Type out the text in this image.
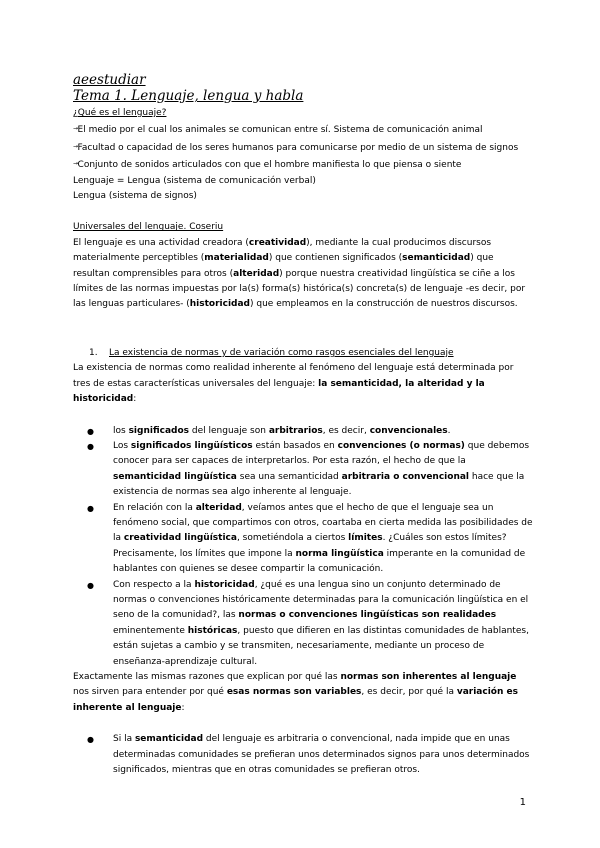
aeestudiar
Tema 1. Lenguaje, lengua y habla
¿Qué es el lenguaje?
→El medio por el cual los animales se comunican entre sí. Sistema de comunicación animal
→Facultad o capacidad de los seres humanos para comunicarse por medio de un sistema de signos
→Conjunto de sonidos articulados con que el hombre manifiesta lo que piensa o siente
Lenguaje = Lengua (sistema de comunicación verbal)
Lengua (sistema de signos)
Universales del lenguaje. Coseriu
El lenguaje es una actividad creadora (creatividad), mediante la cual producimos discursos materialmente perceptibles (materialidad) que contienen significados (semanticidad) que resultan comprensibles para otros (alteridad) porque nuestra creatividad lingüística se ciñe a los límites de las normas impuestas por la(s) forma(s) histórica(s) concreta(s) de lenguaje -es decir, por las lenguas particulares- (historicidad) que empleamos en la construcción de nuestros discursos.
1. La existencia de normas y de variación como rasgos esenciales del lenguaje
La existencia de normas como realidad inherente al fenómeno del lenguaje está determinada por tres de estas características universales del lenguaje: la semanticidad, la alteridad y la historicidad:
● los significados del lenguaje son arbitrarios, es decir, convencionales.
● Los significados lingüísticos están basados en convenciones (o normas) que debemos conocer para ser capaces de interpretarlos. Por esta razón, el hecho de que la semanticidad lingüística sea una semanticidad arbitraria o convencional hace que la existencia de normas sea algo inherente al lenguaje.
● En relación con la alteridad, veíamos antes que el hecho de que el lenguaje sea un fenómeno social, que compartimos con otros, coartaba en cierta medida las posibilidades de la creatividad lingüística, sometiéndola a ciertos límites. ¿Cuáles son estos límites? Precisamente, los límites que impone la norma lingüística imperante en la comunidad de hablantes con quienes se desee compartir la comunicación.
● Con respecto a la historicidad, ¿qué es una lengua sino un conjunto determinado de normas o convenciones históricamente determinadas para la comunicación lingüística en el seno de la comunidad?, las normas o convenciones lingüísticas son realidades eminentemente históricas, puesto que difieren en las distintas comunidades de hablantes, están sujetas a cambio y se transmiten, necesariamente, mediante un proceso de enseñanza-aprendizaje cultural.
Exactamente las mismas razones que explican por qué las normas son inherentes al lenguaje nos sirven para entender por qué esas normas son variables, es decir, por qué la variación es inherente al lenguaje:
● Si la semanticidad del lenguaje es arbitraria o convencional, nada impide que en unas determinadas comunidades se prefieran unos determinados signos para unos determinados significados, mientras que en otras comunidades se prefieran otros.
1
